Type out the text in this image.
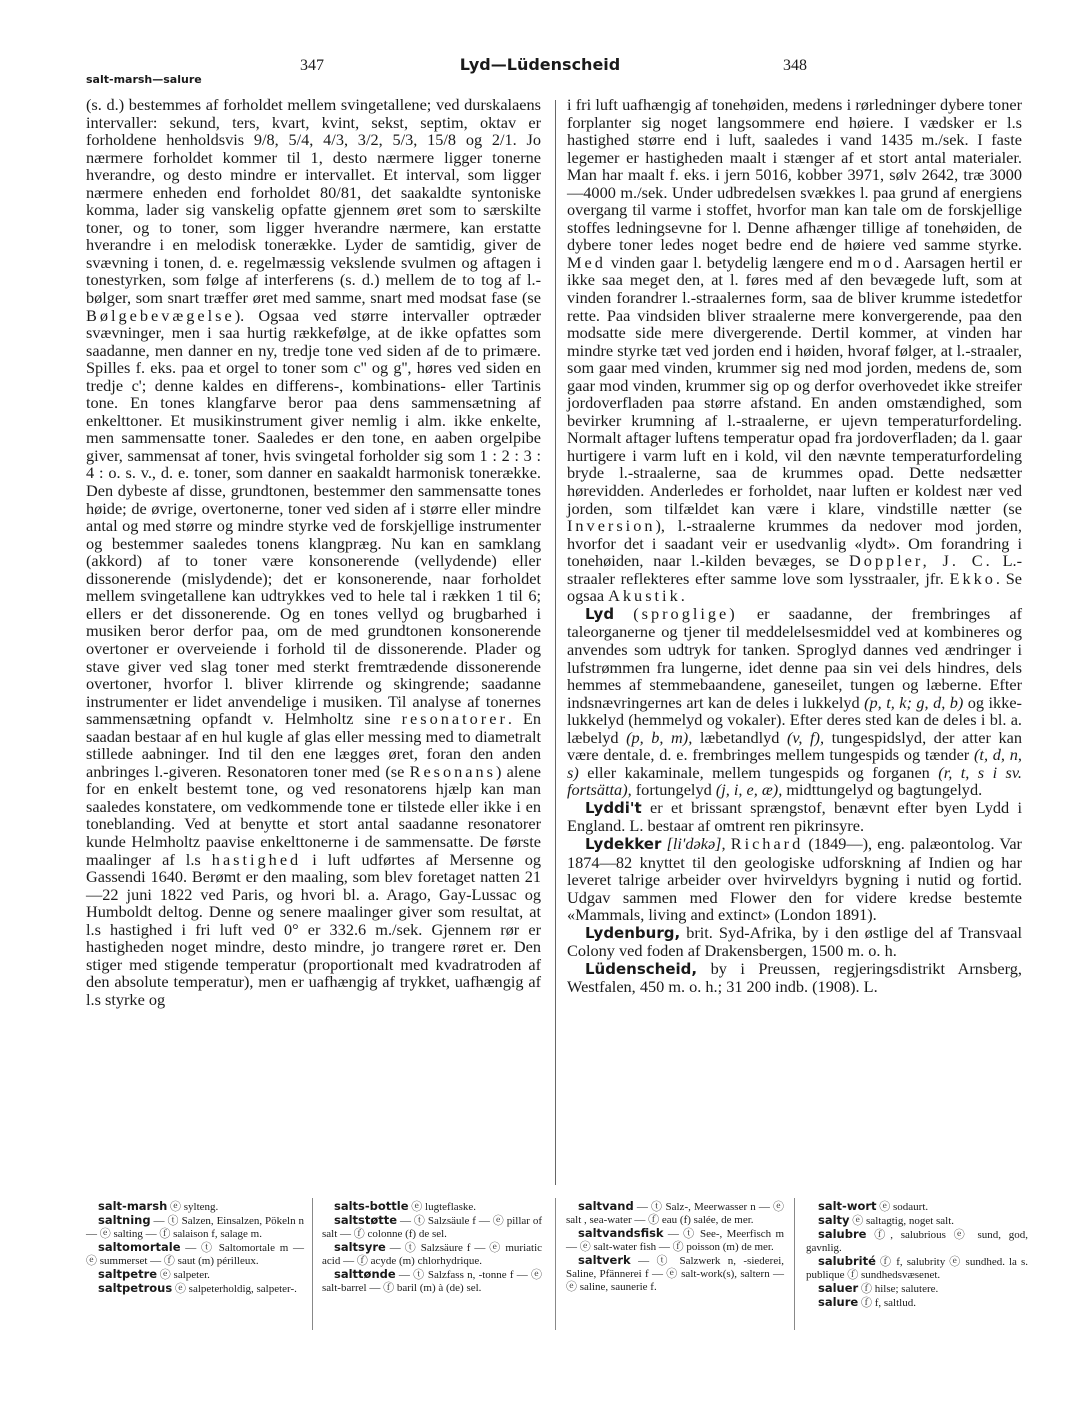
347	Lyd—Lüdenscheid	348
salt-marsh—salure

(s. d.) bestemmes af forholdet mellem svingetallene; ved durskalaens intervaller: sekund, ters, kvart, kvint, sekst, septim, oktav er forholdene henholdsvis 9/8, 5/4, 4/3, 3/2, 5/3, 15/8 og 2/1. Jo nærmere forholdet kommer til 1, desto nærmere ligger tonerne hverandre, og desto mindre er intervallet. Et interval, som ligger nærmere enheden end forholdet 80/81, det saakaldte syntoniske komma, lader sig vanskelig opfatte gjennem øret som to særskilte toner, og to toner, som ligger hverandre nærmere, kan erstatte hverandre i en melodisk tonerække. Lyder de samtidig, giver de svævning i tonen, d. e. regelmæssig vekslende svulmen og aftagen i tonestyrken, som følge af interferens (s. d.) mellem de to tog af l.-bølger, som snart træffer øret med samme, snart med modsat fase (se Bølgebevægelse). Ogsaa ved større intervaller optræder svævninger, men i saa hurtig rækkefølge, at de ikke opfattes som saadanne, men danner en ny, tredje tone ved siden af de to primære. Spilles f. eks. paa et orgel to toner som c'' og g'', høres ved siden en tredje c'; denne kaldes en differens-, kombinations- eller Tartinis tone. En tones klangfarve beror paa dens sammensætning af enkelttoner. Et musikinstrument giver nemlig i alm. ikke enkelte, men sammensatte toner. Saaledes er den tone, en aaben orgelpibe giver, sammensat af toner, hvis svingetal forholder sig som 1 : 2 : 3 : 4 : o. s. v., d. e. toner, som danner en saakaldt harmonisk tonerække. Den dybeste af disse, grundtonen, bestemmer den sammensatte tones høide; de øvrige, overtonerne, toner ved siden af i større eller mindre antal og med større og mindre styrke ved de forskjellige instrumenter og bestemmer saaledes tonens klangpræg. Nu kan en samklang (akkord) af to toner være konsonerende (vellydende) eller dissonerende (mislydende); det er konsonerende, naar forholdet mellem svingetallene kan udtrykkes ved to hele tal i rækken 1 til 6; ellers er det dissonerende. Og en tones vellyd og brugbarhed i musiken beror derfor paa, om de med grundtonen konsonerende overtoner er overveiende i forhold til de dissonerende. Plader og stave giver ved slag toner med sterkt fremtrædende dissonerende overtoner, hvorfor l. bliver klirrende og skingrende; saadanne instrumenter er lidet anvendelige i musiken. Til analyse af tonernes sammensætning opfandt v. Helmholtz sine resonatorer. En saadan bestaar af en hul kugle af glas eller messing med to diametralt stillede aabninger. Ind til den ene lægges øret, foran den anden anbringes l.-giveren. Resonatoren toner med (se Resonans) alene for en enkelt bestemt tone, og ved resonatorens hjælp kan man saaledes konstatere, om vedkommende tone er tilstede eller ikke i en toneblanding. Ved at benytte et stort antal saadanne resonatorer kunde Helmholtz paavise enkelttonerne i de sammensatte. De første maalinger af l.s hastighed i luft udførtes af Mersenne og Gassendi 1640. Berømt er den maaling, som blev foretaget natten 21—22 juni 1822 ved Paris, og hvori bl. a. Arago, Gay-Lussac og Humboldt deltog. Denne og senere maalinger giver som resultat, at l.s hastighed i fri luft ved 0° er 332.6 m./sek. Gjennem rør er hastigheden noget mindre, desto mindre, jo trangere røret er. Den stiger med stigende temperatur (proportionalt med kvadratroden af den absolute temperatur), men er uafhængig af trykket, uafhængig af l.s styrke og

i fri luft uafhængig af tonehøiden, medens i rørledninger dybere toner forplanter sig noget langsommere end høiere. I vædsker er l.s hastighed større end i luft, saaledes i vand 1435 m./sek. I faste legemer er hastigheden maalt i stænger af et stort antal materialer. Man har maalt f. eks. i jern 5016, kobber 3971, sølv 2642, træ 3000—4000 m./sek. Under udbredelsen svækkes l. paa grund af energiens overgang til varme i stoffet, hvorfor man kan tale om de forskjellige stoffes ledningsevne for l. Denne afhænger tillige af tonehøiden, de dybere toner ledes noget bedre end de høiere ved samme styrke. Med vinden gaar l. betydelig længere end mod. Aarsagen hertil er ikke saa meget den, at l. føres med af den bevægede luft, som at vinden forandrer l.-straalernes form, saa de bliver krumme istedetfor rette. Paa vindsiden bliver straalerne mere konvergerende, paa den modsatte side mere divergerende. Dertil kommer, at vinden har mindre styrke tæt ved jorden end i høiden, hvoraf følger, at l.-straaler, som gaar med vinden, krummer sig ned mod jorden, medens de, som gaar mod vinden, krummer sig op og derfor overhovedet ikke streifer jordoverfladen paa større afstand. En anden omstændighed, som bevirker krumning af l.-straalerne, er ujevn temperaturfordeling. Normalt aftager luftens temperatur opad fra jordoverfladen; da l. gaar hurtigere i varm luft en i kold, vil den nævnte temperaturfordeling bryde l.-straalerne, saa de krummes opad. Dette nedsætter hørevidden. Anderledes er forholdet, naar luften er koldest nær ved jorden, som tilfældet kan være i klare, vindstille nætter (se Inversion), l.-straalerne krummes da nedover mod jorden, hvorfor det i saadant veir er usedvanlig «lydt». Om forandring i tonehøiden, naar l.-kilden bevæges, se Doppler, J. C. L.-straaler reflekteres efter samme love som lysstraaler, jfr. Ekko. Se ogsaa Akustik.

Lyd (sproglige) er saadanne, der frembringes af taleorganerne og tjener til meddelelsesmiddel ved at kombineres og anvendes som udtryk for tanken. Sproglyd dannes ved ændringer i lufstrømmen fra lungerne, idet denne paa sin vei dels hindres, dels hemmes af stemmebaandene, ganeseilet, tungen og læberne. Efter indsnævringernes art kan de deles i lukkelyd (p, t, k; g, d, b) og ikke-lukkelyd (hemmelyd og vokaler). Efter deres sted kan de deles i bl. a. læbelyd (p, b, m), læbetandlyd (v, f), tungespidslyd, der atter kan være dentale, d. e. frembringes mellem tungespids og tænder (t, d, n, s) eller kakaminale, mellem tungespids og forganen (r, t, s i sv. fortsätta), fortungelyd (j, i, e, æ), midttungelyd og bagtungelyd.

Lyddi't er et brissant sprængstof, benævnt efter byen Lydd i England. L. bestaar af omtrent ren pikrinsyre.

Lydekker [li'dəkə], Richard (1849—), eng. palæontolog. Var 1874—82 knyttet til den geologiske udforskning af Indien og har leveret talrige arbeider over hvirveldyrs bygning i nutid og fortid. Udgav sammen med Flower den for videre kredse bestemte «Mammals, living and extinct» (London 1891).

Lydenburg, brit. Syd-Afrika, by i den østlige del af Transvaal Colony ved foden af Drakensbergen, 1500 m. o. h.

Lüdenscheid, by i Preussen, regjeringsdistrikt Arnsberg, Westfalen, 450 m. o. h.; 31 200 indb. (1908). L.

salt-marsh ⓔ sylteng.

saltning — ⓣ Salzen, Einsalzen, Pökeln n — ⓔ salting — ⓕ salaison f, salage m.

saltomortale — ⓣ Saltomortale m — ⓔ summerset — ⓕ saut (m) périlleux.

saltpetre ⓔ salpeter.

saltpetrous ⓔ salpeterholdig, salpeter-.

salts-bottle ⓔ lugteflaske.

saltstøtte — ⓣ Salzsäule f — ⓔ pillar of salt — ⓕ colonne (f) de sel.

saltsyre — ⓣ Salzsäure f — ⓔ muriatic acid — ⓕ acyde (m) chlorhydrique.

salttønde — ⓣ Salzfass n, -tonne f — ⓔ salt-barrel — ⓕ baril (m) à (de) sel.

saltvand — ⓣ Salz-, Meerwasser n — ⓔ salt , sea-water — ⓕ eau (f) salée, de mer.

saltvandsfisk — ⓣ See-, Meerfisch m — ⓔ salt-water fish — ⓕ poisson (m) de mer.

saltverk — ⓣ Salzwerk n, -siederei, Saline, Pfännerei f — ⓔ salt-work(s), saltern — ⓔ saline, saunerie f.

salt-wort ⓔ sodaurt.

salty ⓔ saltagtig, noget salt.

salubre ⓕ, salubrious ⓔ sund, god, gavnlig.

salubrité ⓕ f, salubrity ⓔ sundhed. la s. publique ⓕ sundhedsvæsenet.

saluer ⓕ hilse; salutere.

salure ⓕ f, saltlud.
